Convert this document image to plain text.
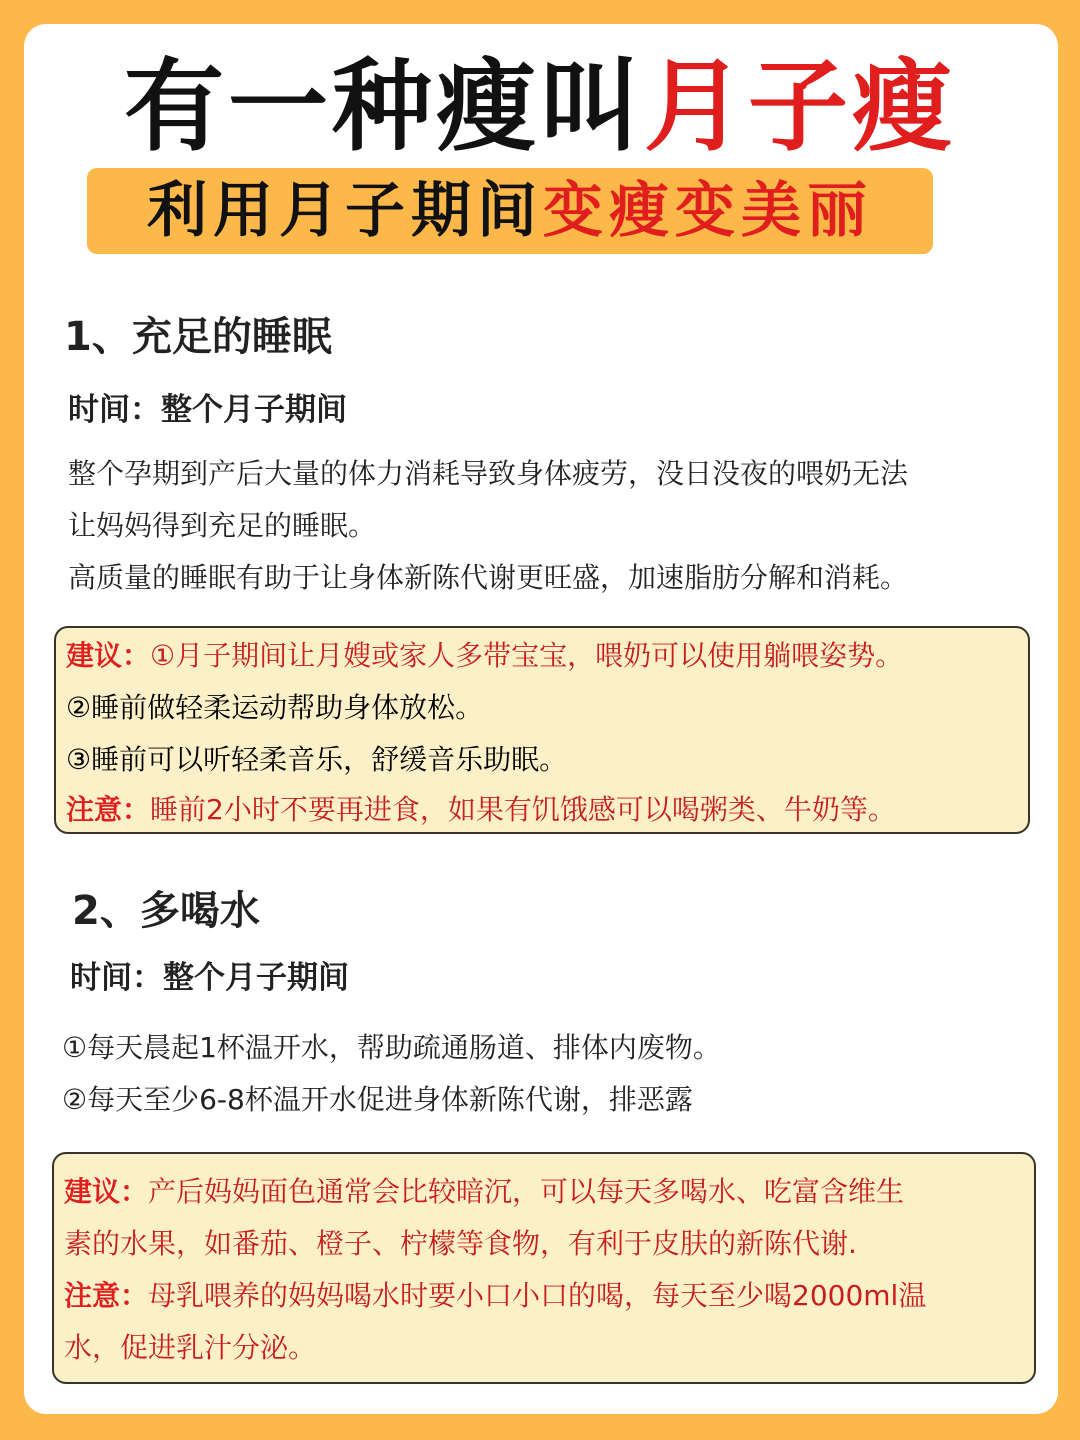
有一种瘦叫月子瘦
利用月子期间变瘦变美丽
1、充足的睡眠
时间：整个月子期间
整个孕期到产后大量的体力消耗导致身体疲劳，没日没夜的喂奶无法
让妈妈得到充足的睡眠。
高质量的睡眠有助于让身体新陈代谢更旺盛，加速脂肪分解和消耗。
建议：①月子期间让月嫂或家人多带宝宝，喂奶可以使用躺喂姿势。
②睡前做轻柔运动帮助身体放松。
③睡前可以听轻柔音乐，舒缓音乐助眠。
注意：睡前2小时不要再进食，如果有饥饿感可以喝粥类、牛奶等。
2、多喝水
时间：整个月子期间
①每天晨起1杯温开水，帮助疏通肠道、排体内废物。
②每天至少6-8杯温开水促进身体新陈代谢，排恶露
建议：产后妈妈面色通常会比较暗沉，可以每天多喝水、吃富含维生
素的水果，如番茄、橙子、柠檬等食物，有利于皮肤的新陈代谢.
注意：母乳喂养的妈妈喝水时要小口小口的喝，每天至少喝2000ml温
水，促进乳汁分泌。
